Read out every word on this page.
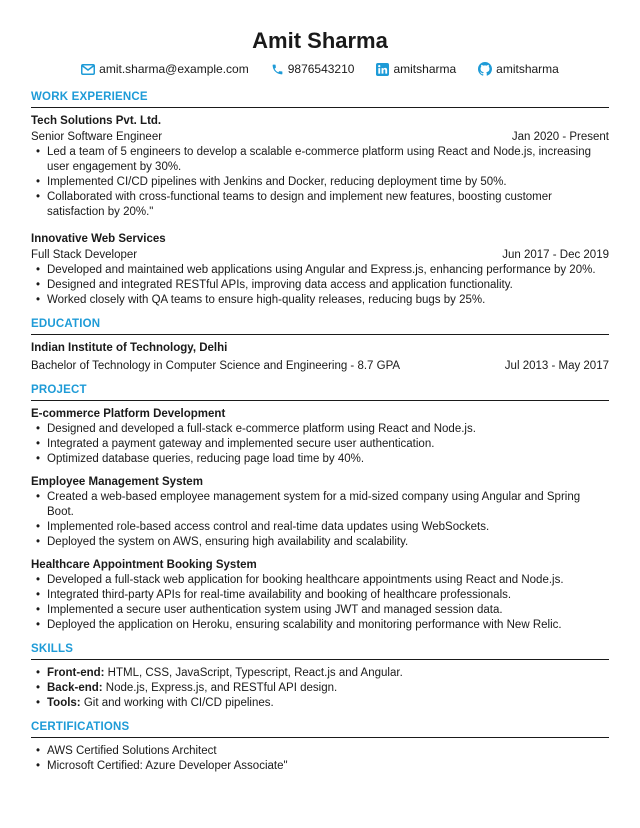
Amit Sharma
amit.sharma@example.com	9876543210	amitsharma	amitsharma
WORK EXPERIENCE
Tech Solutions Pvt. Ltd.
Senior Software Engineer	Jan 2020 - Present
• Led a team of 5 engineers to develop a scalable e-commerce platform using React and Node.js, increasing user engagement by 30%.
• Implemented CI/CD pipelines with Jenkins and Docker, reducing deployment time by 50%.
• Collaborated with cross-functional teams to design and implement new features, boosting customer satisfaction by 20%."
Innovative Web Services
Full Stack Developer	Jun 2017 - Dec 2019
• Developed and maintained web applications using Angular and Express.js, enhancing performance by 20%.
• Designed and integrated RESTful APIs, improving data access and application functionality.
• Worked closely with QA teams to ensure high-quality releases, reducing bugs by 25%.
EDUCATION
Indian Institute of Technology, Delhi
Bachelor of Technology in Computer Science and Engineering - 8.7 GPA	Jul 2013 - May 2017
PROJECT
E-commerce Platform Development
• Designed and developed a full-stack e-commerce platform using React and Node.js.
• Integrated a payment gateway and implemented secure user authentication.
• Optimized database queries, reducing page load time by 40%.
Employee Management System
• Created a web-based employee management system for a mid-sized company using Angular and Spring Boot.
• Implemented role-based access control and real-time data updates using WebSockets.
• Deployed the system on AWS, ensuring high availability and scalability.
Healthcare Appointment Booking System
• Developed a full-stack web application for booking healthcare appointments using React and Node.js.
• Integrated third-party APIs for real-time availability and booking of healthcare professionals.
• Implemented a secure user authentication system using JWT and managed session data.
• Deployed the application on Heroku, ensuring scalability and monitoring performance with New Relic.
SKILLS
• Front-end: HTML, CSS, JavaScript, Typescript, React.js and Angular.
• Back-end: Node.js, Express.js, and RESTful API design.
• Tools: Git and working with CI/CD pipelines.
CERTIFICATIONS
• AWS Certified Solutions Architect
• Microsoft Certified: Azure Developer Associate"
